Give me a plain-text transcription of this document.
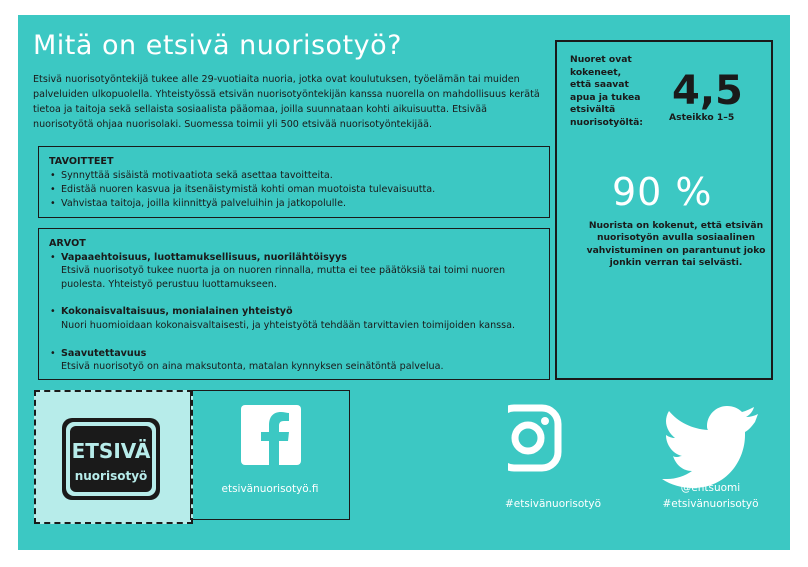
Mitä on etsivä nuorisotyö?
Etsivä nuorisotyöntekijä tukee alle 29-vuotiaita nuoria, jotka ovat koulutuksen, työelämän tai muiden palveluiden ulkopuolella. Yhteistyössä etsivän nuorisotyöntekijän kanssa nuorella on mahdollisuus kerätä tietoa ja taitoja sekä sellaista sosiaalista pääomaa, joilla suunnataan kohti aikuisuutta. Etsivää nuorisotyötä ohjaa nuorisolaki. Suomessa toimii yli 500 etsivää nuorisotyöntekijää.
TAVOITTEET
• Synnyttää sisäistä motivaatiota sekä asettaa tavoitteita.
• Edistää nuoren kasvua ja itsenäistymistä kohti oman muotoista tulevaisuutta.
• Vahvistaa taitoja, joilla kiinnittyä palveluihin ja jatkopolulle.
ARVOT
• Vapaaehtoisuus, luottamuksellisuus, nuorilähtöisyys
Etsivä nuorisotyö tukee nuorta ja on nuoren rinnalla, mutta ei tee päätöksiä tai toimi nuoren puolesta. Yhteistyö perustuu luottamukseen.
• Kokonaisvaltaisuus, monialainen yhteistyö
Nuori huomioidaan kokonaisvaltaisesti, ja yhteistyötä tehdään tarvittavien toimijoiden kanssa.
• Saavutettavuus
Etsivä nuorisotyö on aina maksutonta, matalan kynnyksen seinätöntä palvelua.
Nuoret ovat kokeneet, että saavat apua ja tukea etsivältä nuorisotyöltä:
4,5
Asteikko 1–5
90 %
Nuorista on kokenut, että etsivän nuorisotyön avulla sosiaalinen vahvistuminen on parantunut joko jonkin verran tai selvästi.
ETSIVÄ
nuorisotyö
etsivänuorisotyö.fi
#etsivänuorisotyö
@entsuomi
#etsivänuorisotyö
